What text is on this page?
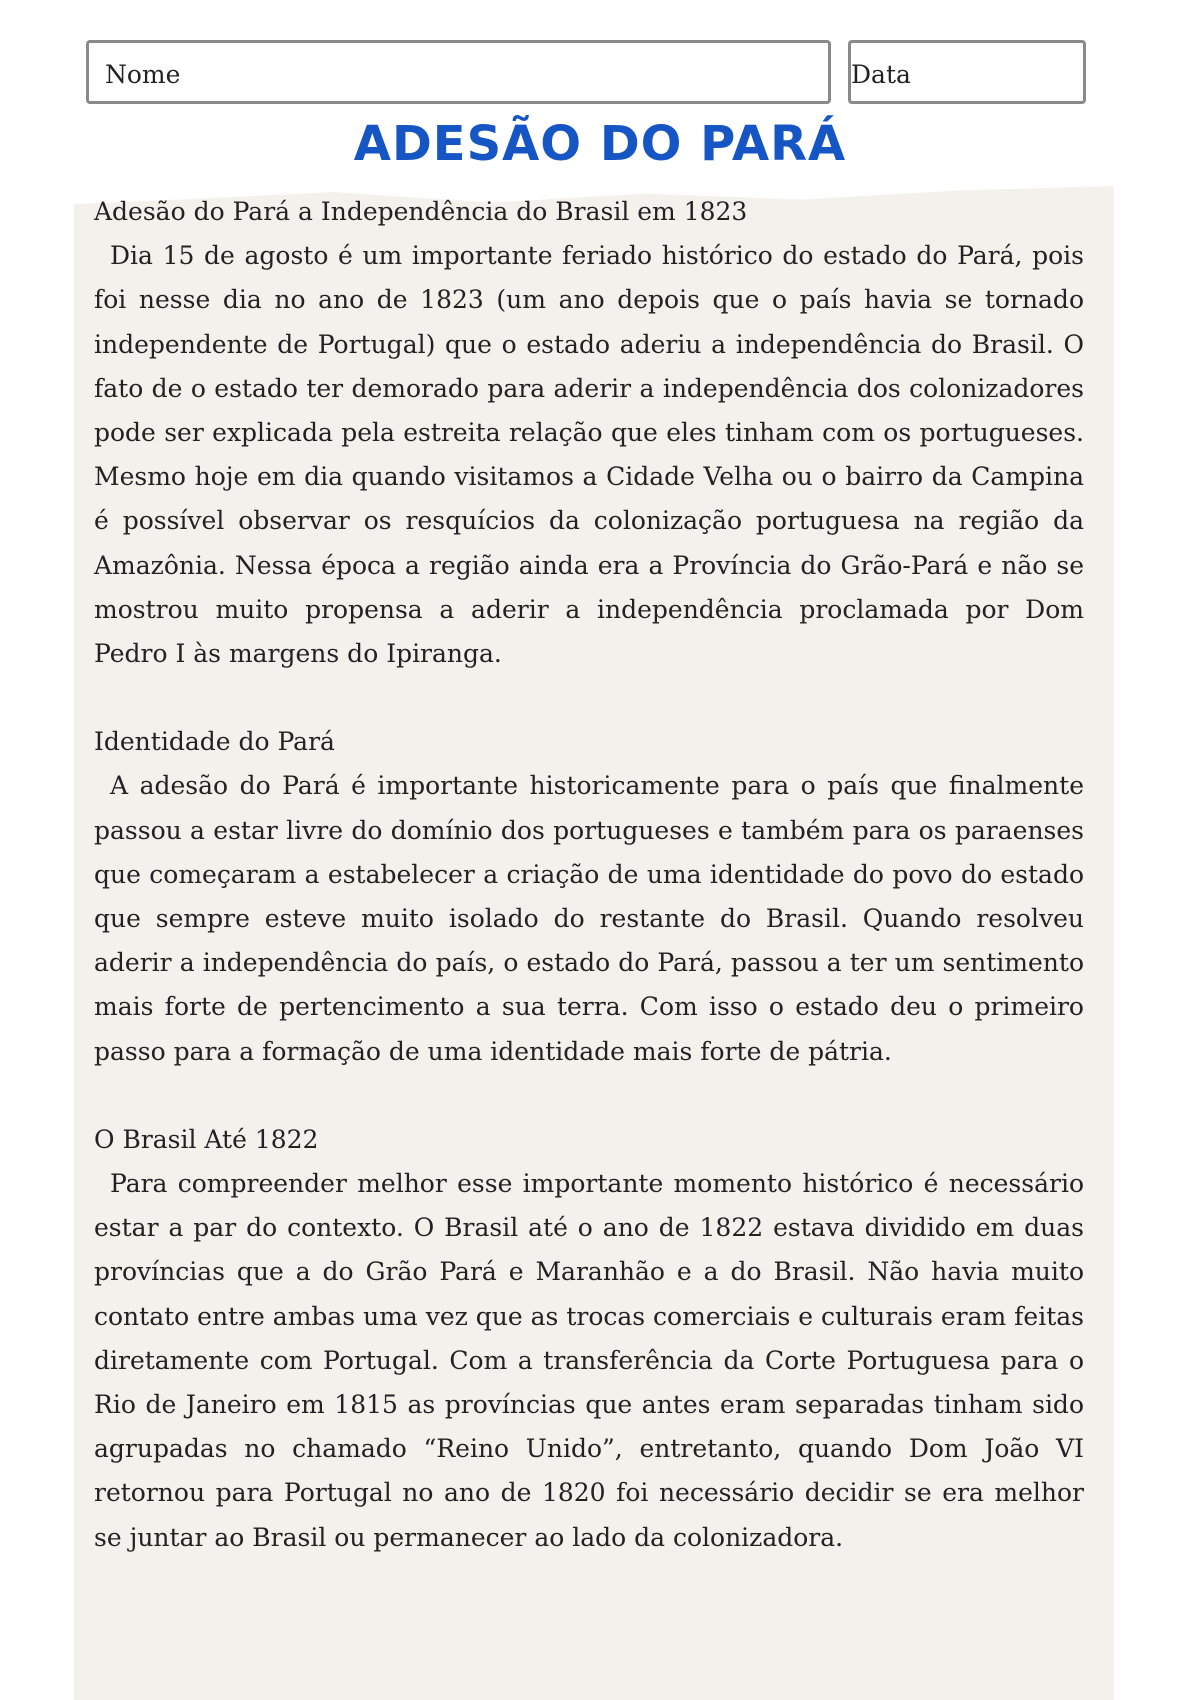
Nome	Data
ADESÃO DO PARÁ
Adesão do Pará a Independência do Brasil em 1823

Dia 15 de agosto é um importante feriado histórico do estado do Pará, pois foi nesse dia no ano de 1823 (um ano depois que o país havia se tornado independente de Portugal) que o estado aderiu a independência do Brasil. O fato de o estado ter demorado para aderir a independência dos colonizadores pode ser explicada pela estreita relação que eles tinham com os portugueses. Mesmo hoje em dia quando visitamos a Cidade Velha ou o bairro da Campina é possível observar os resquícios da colonização portuguesa na região da Amazônia. Nessa época a região ainda era a Província do Grão-Pará e não se mostrou muito propensa a aderir a independência proclamada por Dom Pedro I às margens do Ipiranga.

Identidade do Pará

A adesão do Pará é importante historicamente para o país que finalmente passou a estar livre do domínio dos portugueses e também para os paraenses que começaram a estabelecer a criação de uma identidade do povo do estado que sempre esteve muito isolado do restante do Brasil. Quando resolveu aderir a independência do país, o estado do Pará, passou a ter um sentimento mais forte de pertencimento a sua terra. Com isso o estado deu o primeiro passo para a formação de uma identidade mais forte de pátria.

O Brasil Até 1822

Para compreender melhor esse importante momento histórico é necessário estar a par do contexto. O Brasil até o ano de 1822 estava dividido em duas províncias que a do Grão Pará e Maranhão e a do Brasil. Não havia muito contato entre ambas uma vez que as trocas comerciais e culturais eram feitas diretamente com Portugal. Com a transferência da Corte Portuguesa para o Rio de Janeiro em 1815 as províncias que antes eram separadas tinham sido agrupadas no chamado “Reino Unido”, entretanto, quando Dom João VI retornou para Portugal no ano de 1820 foi necessário decidir se era melhor se juntar ao Brasil ou permanecer ao lado da colonizadora.
